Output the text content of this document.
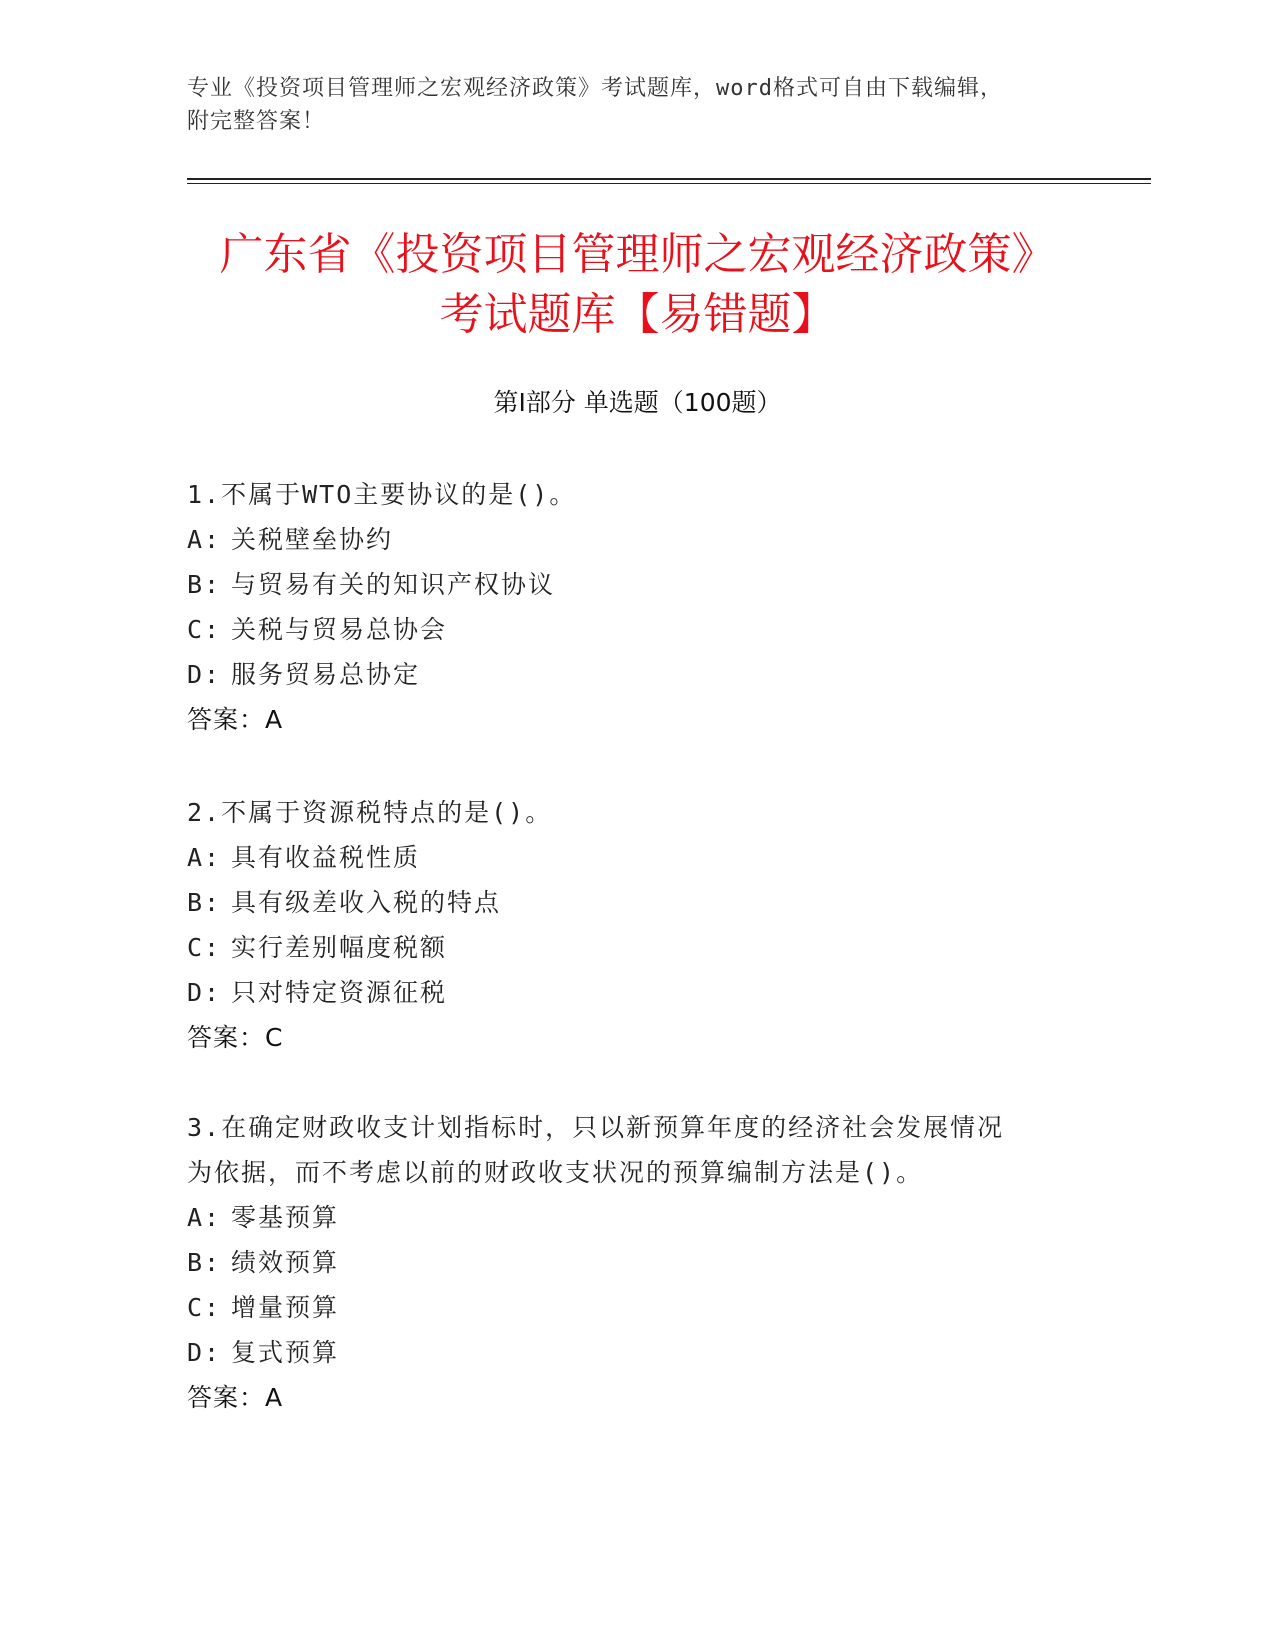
专业《投资项目管理师之宏观经济政策》考试题库，word格式可自由下载编辑，
附完整答案！
广东省《投资项目管理师之宏观经济政策》
考试题库【易错题】
第Ⅰ部分 单选题（100题）
1.不属于WTO主要协议的是()。
A: 关税壁垒协约
B: 与贸易有关的知识产权协议
C: 关税与贸易总协会
D: 服务贸易总协定
答案：A
2.不属于资源税特点的是()。
A: 具有收益税性质
B: 具有级差收入税的特点
C: 实行差别幅度税额
D: 只对特定资源征税
答案：C
3.在确定财政收支计划指标时，只以新预算年度的经济社会发展情况
为依据，而不考虑以前的财政收支状况的预算编制方法是()。
A: 零基预算
B: 绩效预算
C: 增量预算
D: 复式预算
答案：A
